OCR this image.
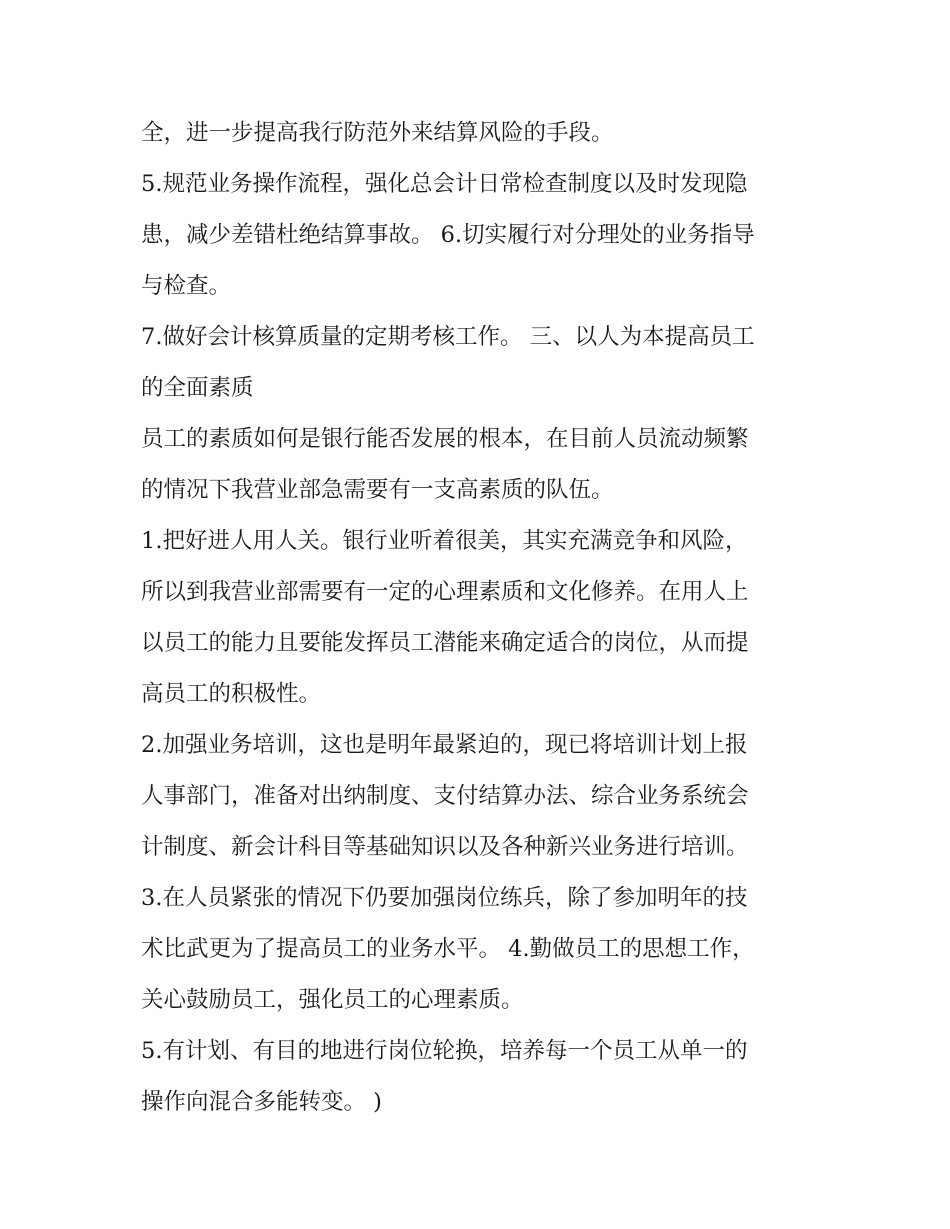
全，进一步提高我行防范外来结算风险的手段。
5.规范业务操作流程，强化总会计日常检查制度以及时发现隐
患，减少差错杜绝结算事故。 6.切实履行对分理处的业务指导
与检查。
7.做好会计核算质量的定期考核工作。 三、以人为本提高员工
的全面素质
员工的素质如何是银行能否发展的根本，在目前人员流动频繁
的情况下我营业部急需要有一支高素质的队伍。
1.把好进人用人关。银行业听着很美，其实充满竞争和风险，
所以到我营业部需要有一定的心理素质和文化修养。在用人上
以员工的能力且要能发挥员工潜能来确定适合的岗位，从而提
高员工的积极性。
2.加强业务培训，这也是明年最紧迫的，现已将培训计划上报
人事部门，准备对出纳制度、支付结算办法、综合业务系统会
计制度、新会计科目等基础知识以及各种新兴业务进行培训。
3.在人员紧张的情况下仍要加强岗位练兵，除了参加明年的技
术比武更为了提高员工的业务水平。 4.勤做员工的思想工作，
关心鼓励员工，强化员工的心理素质。
5.有计划、有目的地进行岗位轮换，培养每一个员工从单一的
操作向混合多能转变。 )
